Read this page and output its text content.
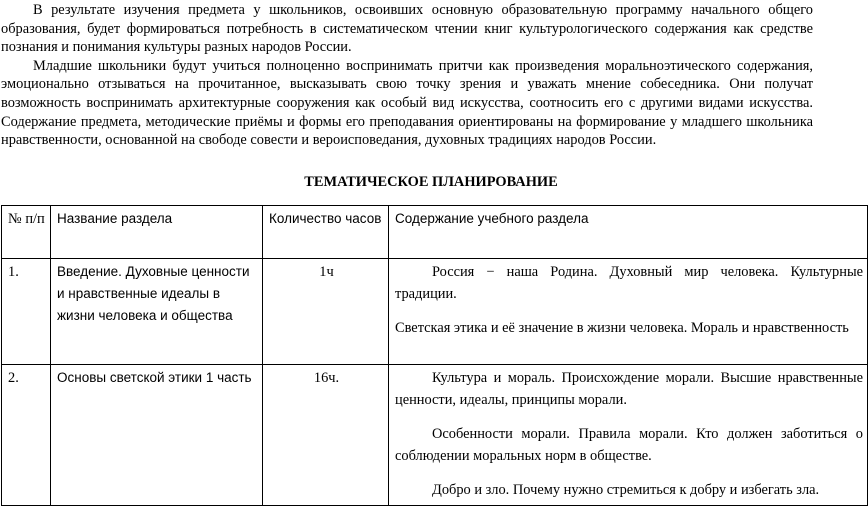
В результате изучения предмета у школьников, освоивших основную образовательную программу начального общего образования, будет формироваться потребность в систематическом чтении книг культурологического содержания как средстве познания и понимания культуры разных народов России.

Младшие школьники будут учиться полноценно воспринимать притчи как произведения моральноэтического содержания, эмоционально отзываться на прочитанное, высказывать свою точку зрения и уважать мнение собеседника. Они получат возможность воспринимать архитектурные сооружения как особый вид искусства, соотносить его с другими видами искусства. Содержание предмета, методические приёмы и формы его преподавания ориентированы на формирование у младшего школьника нравственности, основанной на свободе совести и вероисповедания, духовных традициях народов России.

ТЕМАТИЧЕСКОЕ ПЛАНИРОВАНИЕ
№ п/п	Название раздела	Количество часов	Содержание учебного раздела
1.	Введение. Духовные ценности и нравственные идеалы в жизни человека и общества	1ч	Россия − наша Родина. Духовный мир человека. Культурные традиции.

Светская этика и её значение в жизни человека. Мораль и нравственность

2.	Основы светской этики 1 часть	16ч.	Культура и мораль. Происхождение морали. Высшие нравственные ценности, идеалы, принципы морали.

Особенности морали. Правила морали. Кто должен заботиться о соблюдении моральных норм в обществе.

Добро и зло. Почему нужно стремиться к добру и избегать зла.
